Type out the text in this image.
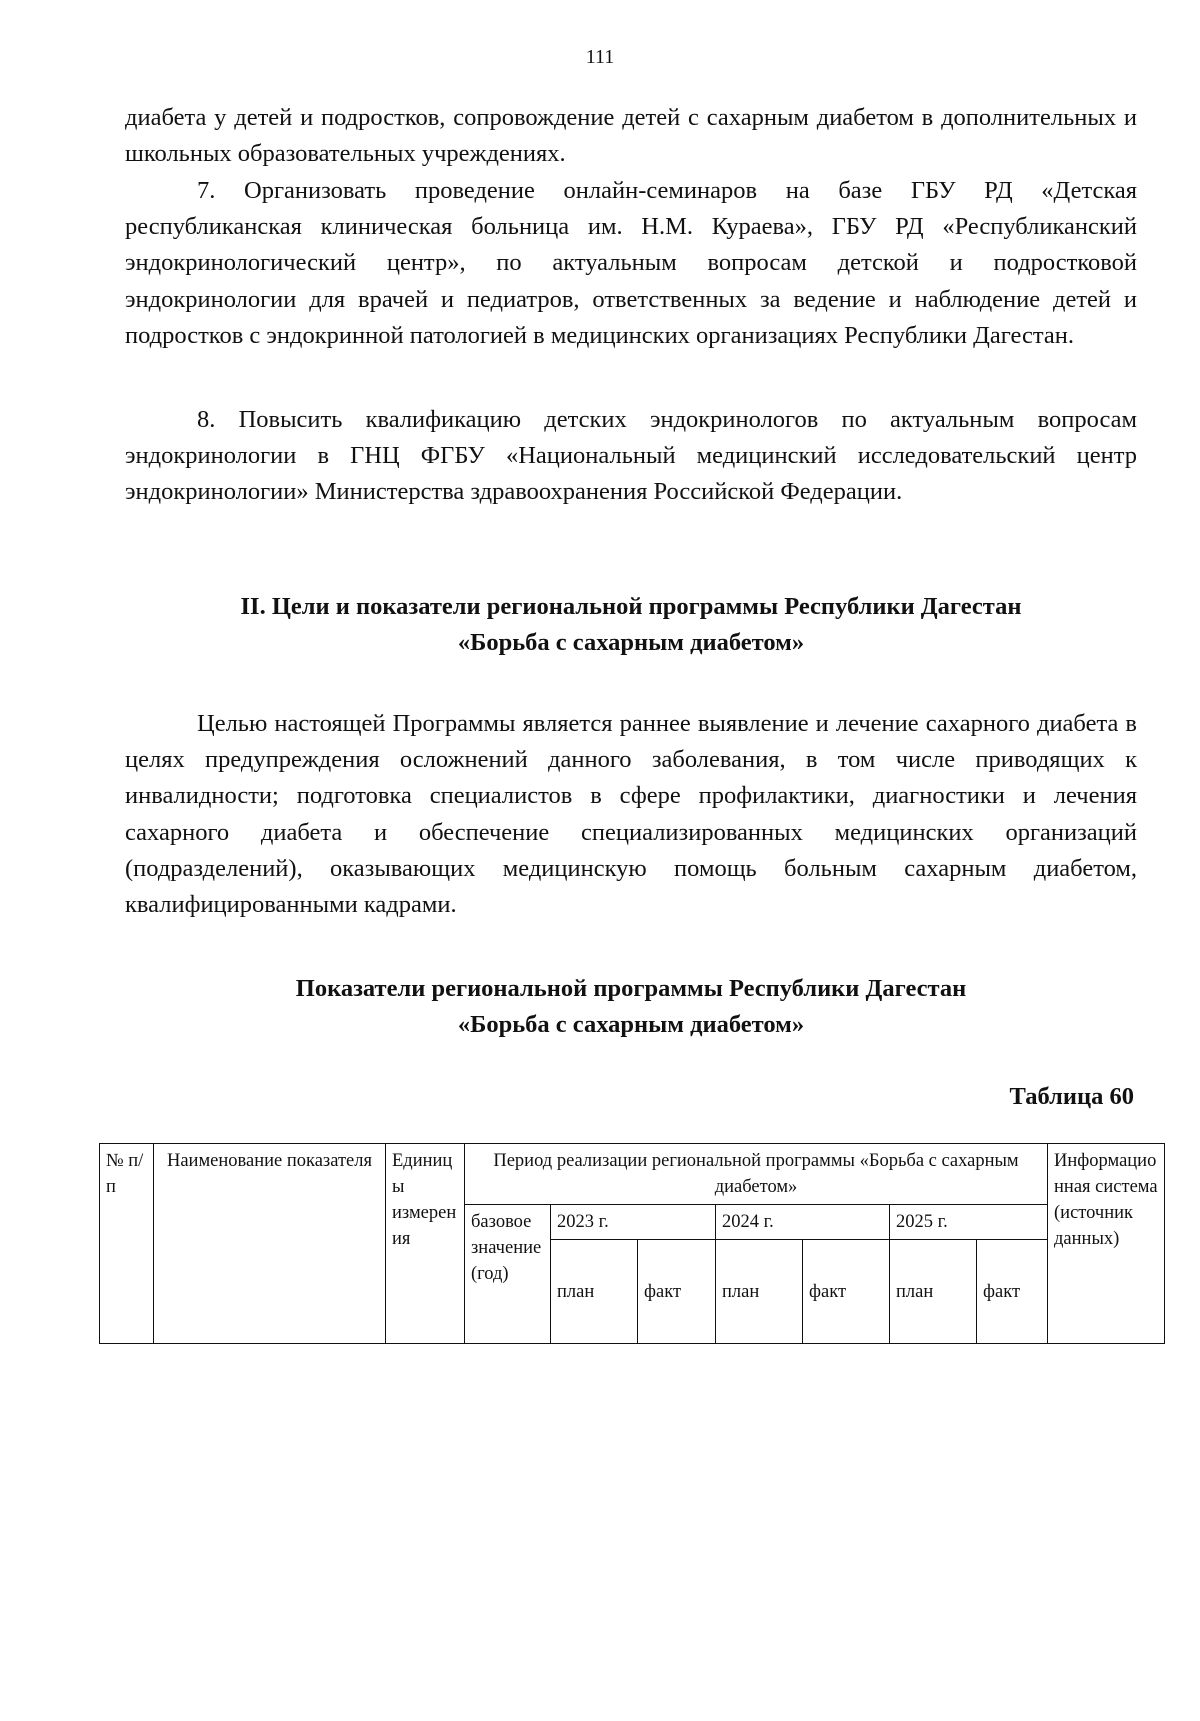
111

диабета у детей и подростков, сопровождение детей с сахарным диабетом в дополнительных и школьных образовательных учреждениях.

7. Организовать проведение онлайн-семинаров на базе ГБУ РД «Детская республиканская клиническая больница им. Н.М. Кураева», ГБУ РД «Республиканский эндокринологический центр», по актуальным вопросам детской и подростковой эндокринологии для врачей и педиатров, ответственных за ведение и наблюдение детей и подростков с эндокринной патологией в медицинских организациях Республики Дагестан.

8. Повысить квалификацию детских эндокринологов по актуальным вопросам эндокринологии в ГНЦ ФГБУ «Национальный медицинский исследовательский центр эндокринологии» Министерства здравоохранения Российской Федерации.

II. Цели и показатели региональной программы Республики Дагестан
«Борьба с сахарным диабетом»

Целью настоящей Программы является раннее выявление и лечение сахарного диабета в целях предупреждения осложнений данного заболевания, в том числе приводящих к инвалидности; подготовка специалистов в сфере профилактики, диагностики и лечения сахарного диабета и обеспечение специализированных медицинских организаций (подразделений), оказывающих медицинскую помощь больным сахарным диабетом, квалифицированными кадрами.

Показатели региональной программы Республики Дагестан
«Борьба с сахарным диабетом»
Таблица 60
№ п/п	Наименование показателя	Единицы измерения	Период реализации региональной программы «Борьба с сахарным диабетом»							Информационная система (источник данных)
			базовое значение (год)	2023 г.		2024 г.		2025 г.		
				план	факт	план	факт	план	факт	
